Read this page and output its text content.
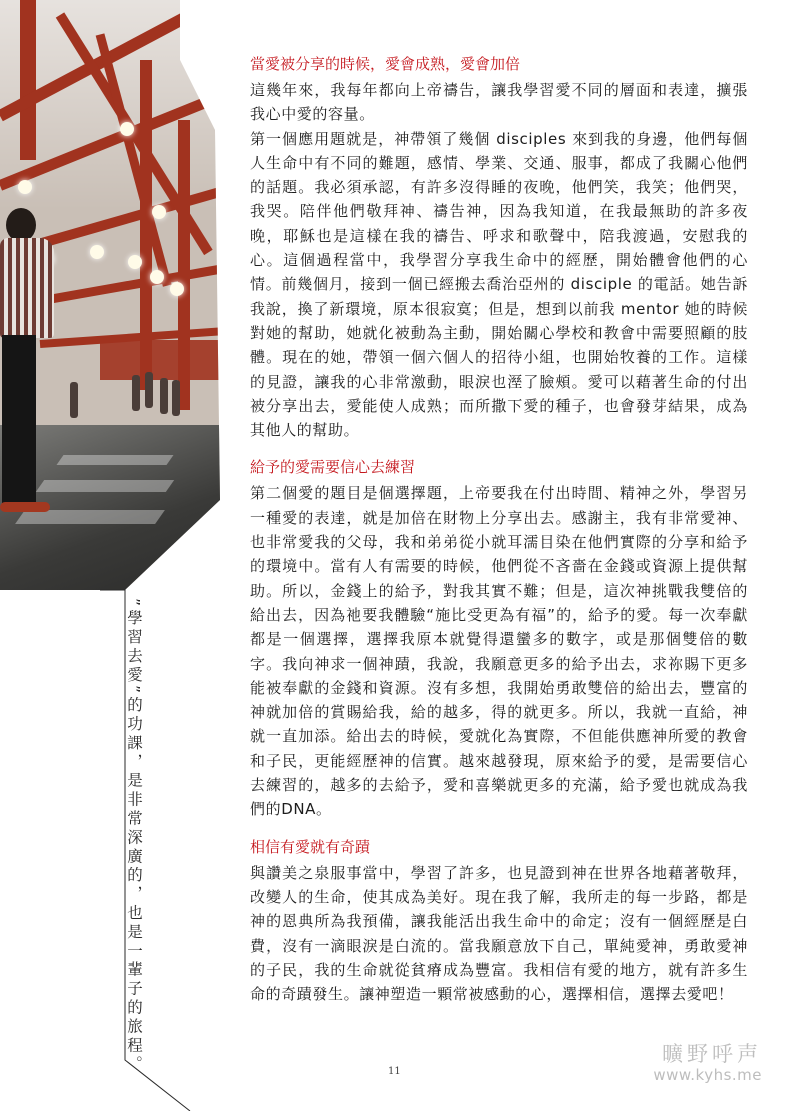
”學習去愛”的功課，是非常深廣的，也是一輩子的旅程。
當愛被分享的時候，愛會成熟，愛會加倍

這幾年來，我每年都向上帝禱告，讓我學習愛不同的層面和表達，擴張我心中愛的容量。

第一個應用題就是，神帶領了幾個 disciples 來到我的身邊，他們每個人生命中有不同的難題，感情、學業、交通、服事，都成了我關心他們的話題。我必須承認，有許多沒得睡的夜晚，他們笑，我笑；他們哭，我哭。陪伴他們敬拜神、禱告神，因為我知道，在我最無助的許多夜晚，耶穌也是這樣在我的禱告、呼求和歌聲中，陪我渡過，安慰我的心。這個過程當中，我學習分享我生命中的經歷，開始體會他們的心情。前幾個月，接到一個已經搬去喬治亞州的 disciple 的電話。她告訴我說，換了新環境，原本很寂寞；但是，想到以前我 mentor 她的時候對她的幫助，她就化被動為主動，開始關心學校和教會中需要照顧的肢體。現在的她，帶領一個六個人的招待小組，也開始牧養的工作。這樣的見證，讓我的心非常激動，眼淚也溼了臉頰。愛可以藉著生命的付出被分享出去，愛能使人成熟；而所撒下愛的種子，也會發芽結果，成為其他人的幫助。

給予的愛需要信心去練習

第二個愛的題目是個選擇題，上帝要我在付出時間、精神之外，學習另一種愛的表達，就是加倍在財物上分享出去。感謝主，我有非常愛神、也非常愛我的父母，我和弟弟從小就耳濡目染在他們實際的分享和給予的環境中。當有人有需要的時候，他們從不吝嗇在金錢或資源上提供幫助。所以，金錢上的給予，對我其實不難；但是，這次神挑戰我雙倍的給出去，因為祂要我體驗“施比受更為有福”的，給予的愛。每一次奉獻都是一個選擇，選擇我原本就覺得還蠻多的數字，或是那個雙倍的數字。我向神求一個神蹟，我說，我願意更多的給予出去，求祢賜下更多能被奉獻的金錢和資源。沒有多想，我開始勇敢雙倍的給出去，豐富的神就加倍的賞賜給我，給的越多，得的就更多。所以，我就一直給，神就一直加添。給出去的時候，愛就化為實際，不但能供應神所愛的教會和子民，更能經歷神的信實。越來越發現，原來給予的愛，是需要信心去練習的，越多的去給予，愛和喜樂就更多的充滿，給予愛也就成為我們的DNA。

相信有愛就有奇蹟

與讚美之泉服事當中，學習了許多，也見證到神在世界各地藉著敬拜，改變人的生命，使其成為美好。現在我了解，我所走的每一步路，都是神的恩典所為我預備，讓我能活出我生命中的命定；沒有一個經歷是白費，沒有一滴眼淚是白流的。當我願意放下自己，單純愛神，勇敢愛神的子民，我的生命就從貧瘠成為豐富。我相信有愛的地方，就有許多生命的奇蹟發生。讓神塑造一顆常被感動的心，選擇相信，選擇去愛吧！

11
曠野呼声
www.kyhs.me
